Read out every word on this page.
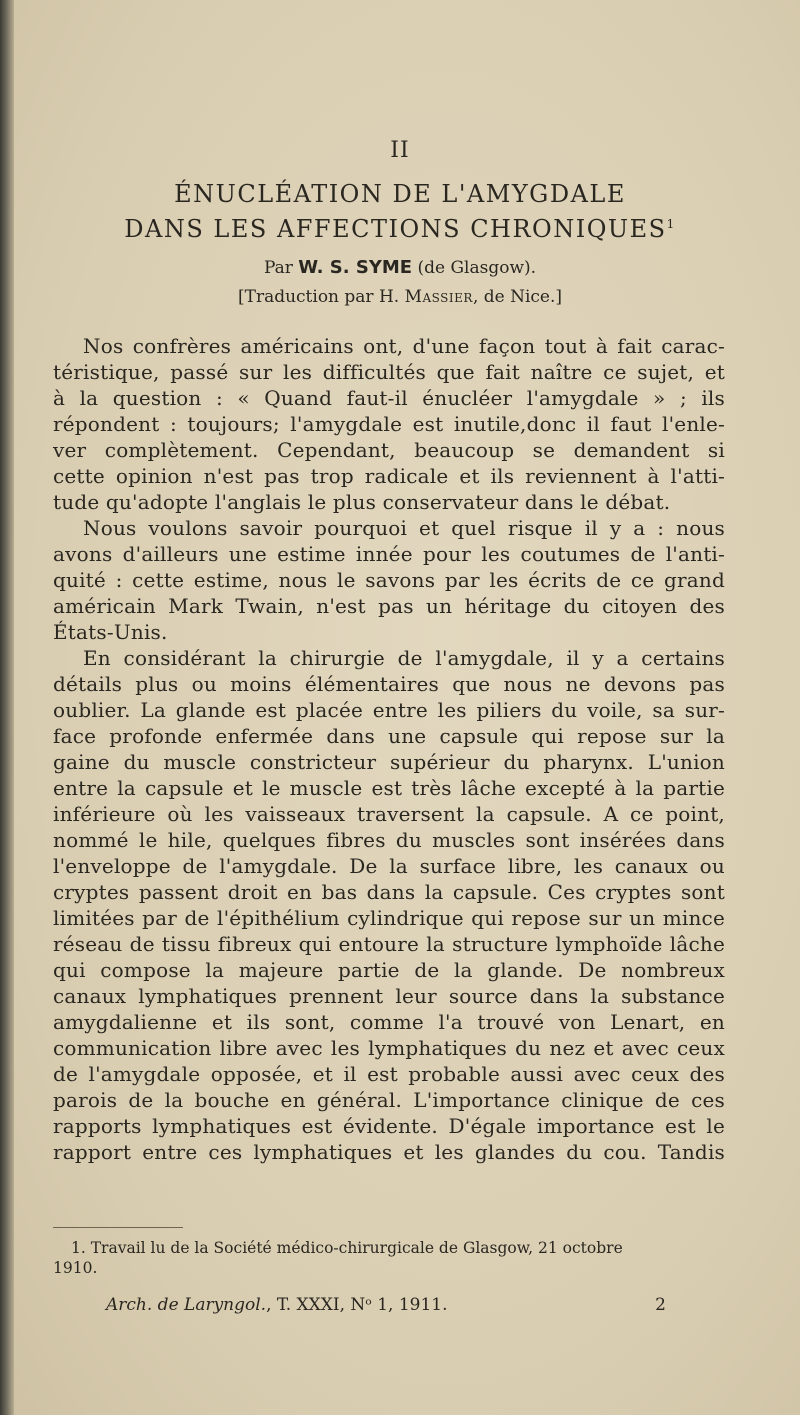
II
ÉNUCLÉATION DE L'AMYGDALE
DANS LES AFFECTIONS CHRONIQUES$^1$
Par W. S. SYME (de Glasgow).
[Traduction par H. Massier, de Nice.]
Nos confrères américains ont, d'une façon tout à fait carac-
téristique, passé sur les difficultés que fait naître ce sujet, et
à la question : « Quand faut-il énucléer l'amygdale » ; ils
répondent : toujours; l'amygdale est inutile,donc il faut l'enle-
ver complètement. Cependant, beaucoup se demandent si
cette opinion n'est pas trop radicale et ils reviennent à l'atti-
tude qu'adopte l'anglais le plus conservateur dans le débat.
Nous voulons savoir pourquoi et quel risque il y a : nous
avons d'ailleurs une estime innée pour les coutumes de l'anti-
quité : cette estime, nous le savons par les écrits de ce grand
américain Mark Twain, n'est pas un héritage du citoyen des
États-Unis.
En considérant la chirurgie de l'amygdale, il y a certains
détails plus ou moins élémentaires que nous ne devons pas
oublier. La glande est placée entre les piliers du voile, sa sur-
face profonde enfermée dans une capsule qui repose sur la
gaine du muscle constricteur supérieur du pharynx. L'union
entre la capsule et le muscle est très lâche excepté à la partie
inférieure où les vaisseaux traversent la capsule. A ce point,
nommé le hile, quelques fibres du muscles sont insérées dans
l'enveloppe de l'amygdale. De la surface libre, les canaux ou
cryptes passent droit en bas dans la capsule. Ces cryptes sont
limitées par de l'épithélium cylindrique qui repose sur un mince
réseau de tissu fibreux qui entoure la structure lymphoïde lâche
qui compose la majeure partie de la glande. De nombreux
canaux lymphatiques prennent leur source dans la substance
amygdalienne et ils sont, comme l'a trouvé von Lenart, en
communication libre avec les lymphatiques du nez et avec ceux
de l'amygdale opposée, et il est probable aussi avec ceux des
parois de la bouche en général. L'importance clinique de ces
rapports lymphatiques est évidente. D'égale importance est le
rapport entre ces lymphatiques et les glandes du cou. Tandis
1. Travail lu de la Société médico-chirurgicale de Glasgow, 21 octobre
1910.
Arch. de Laryngol., T. XXXI, Nᵒ 1, 1911.	2
